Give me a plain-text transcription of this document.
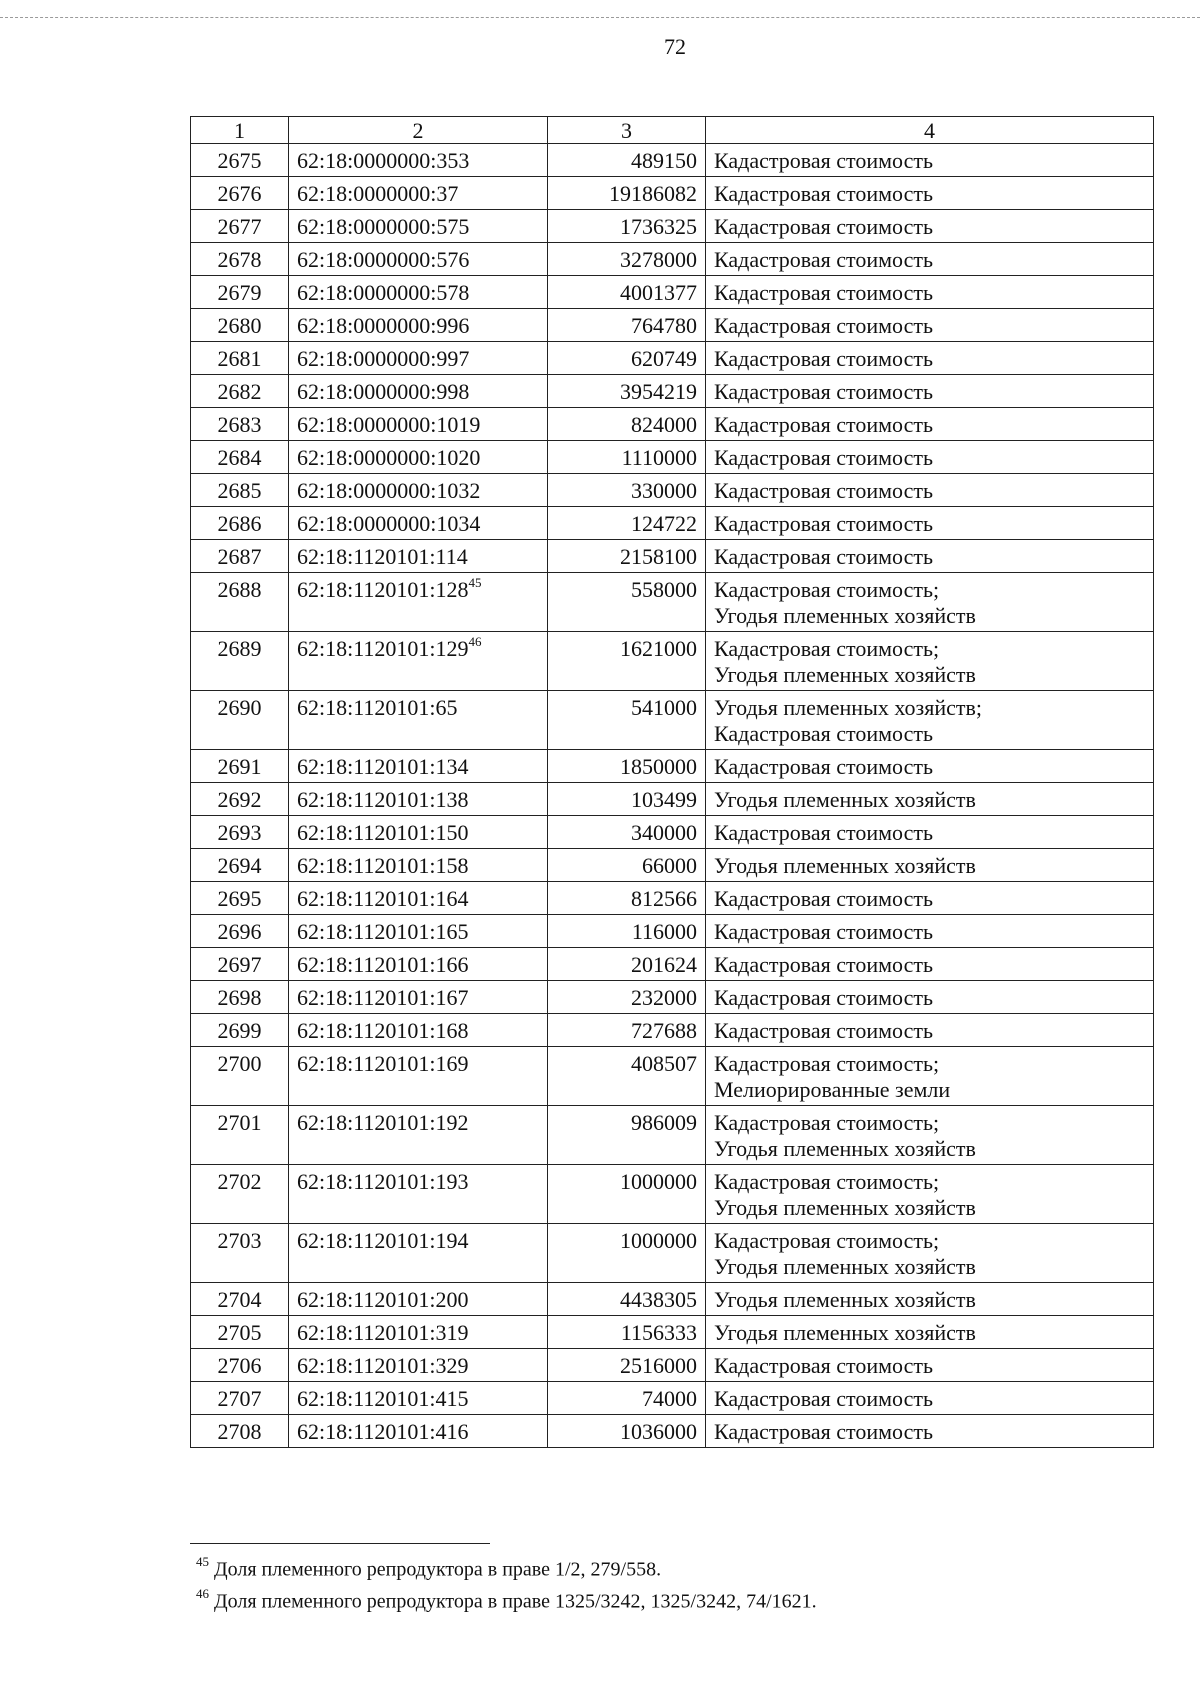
72
1	2	3	4
2675	62:18:0000000:353	489150	Кадастровая стоимость

2676	62:18:0000000:37	19186082	Кадастровая стоимость

2677	62:18:0000000:575	1736325	Кадастровая стоимость

2678	62:18:0000000:576	3278000	Кадастровая стоимость

2679	62:18:0000000:578	4001377	Кадастровая стоимость

2680	62:18:0000000:996	764780	Кадастровая стоимость

2681	62:18:0000000:997	620749	Кадастровая стоимость

2682	62:18:0000000:998	3954219	Кадастровая стоимость

2683	62:18:0000000:1019	824000	Кадастровая стоимость

2684	62:18:0000000:1020	1110000	Кадастровая стоимость

2685	62:18:0000000:1032	330000	Кадастровая стоимость

2686	62:18:0000000:1034	124722	Кадастровая стоимость

2687	62:18:1120101:114	2158100	Кадастровая стоимость

2688	62:18:1120101:128$^{45}$	558000	Кадастровая стоимость;
Угодья племенных хозяйств

2689	62:18:1120101:129$^{46}$	1621000	Кадастровая стоимость;
Угодья племенных хозяйств

2690	62:18:1120101:65	541000	Угодья племенных хозяйств;
Кадастровая стоимость

2691	62:18:1120101:134	1850000	Кадастровая стоимость

2692	62:18:1120101:138	103499	Угодья племенных хозяйств

2693	62:18:1120101:150	340000	Кадастровая стоимость

2694	62:18:1120101:158	66000	Угодья племенных хозяйств

2695	62:18:1120101:164	812566	Кадастровая стоимость

2696	62:18:1120101:165	116000	Кадастровая стоимость

2697	62:18:1120101:166	201624	Кадастровая стоимость

2698	62:18:1120101:167	232000	Кадастровая стоимость

2699	62:18:1120101:168	727688	Кадастровая стоимость

2700	62:18:1120101:169	408507	Кадастровая стоимость;
Мелиорированные земли

2701	62:18:1120101:192	986009	Кадастровая стоимость;
Угодья племенных хозяйств

2702	62:18:1120101:193	1000000	Кадастровая стоимость;
Угодья племенных хозяйств

2703	62:18:1120101:194	1000000	Кадастровая стоимость;
Угодья племенных хозяйств

2704	62:18:1120101:200	4438305	Угодья племенных хозяйств

2705	62:18:1120101:319	1156333	Угодья племенных хозяйств

2706	62:18:1120101:329	2516000	Кадастровая стоимость

2707	62:18:1120101:415	74000	Кадастровая стоимость

2708	62:18:1120101:416	1036000	Кадастровая стоимость
$^{45}$ Доля племенного репродуктора в праве 1/2, 279/558.
$^{46}$ Доля племенного репродуктора в праве 1325/3242, 1325/3242, 74/1621.
